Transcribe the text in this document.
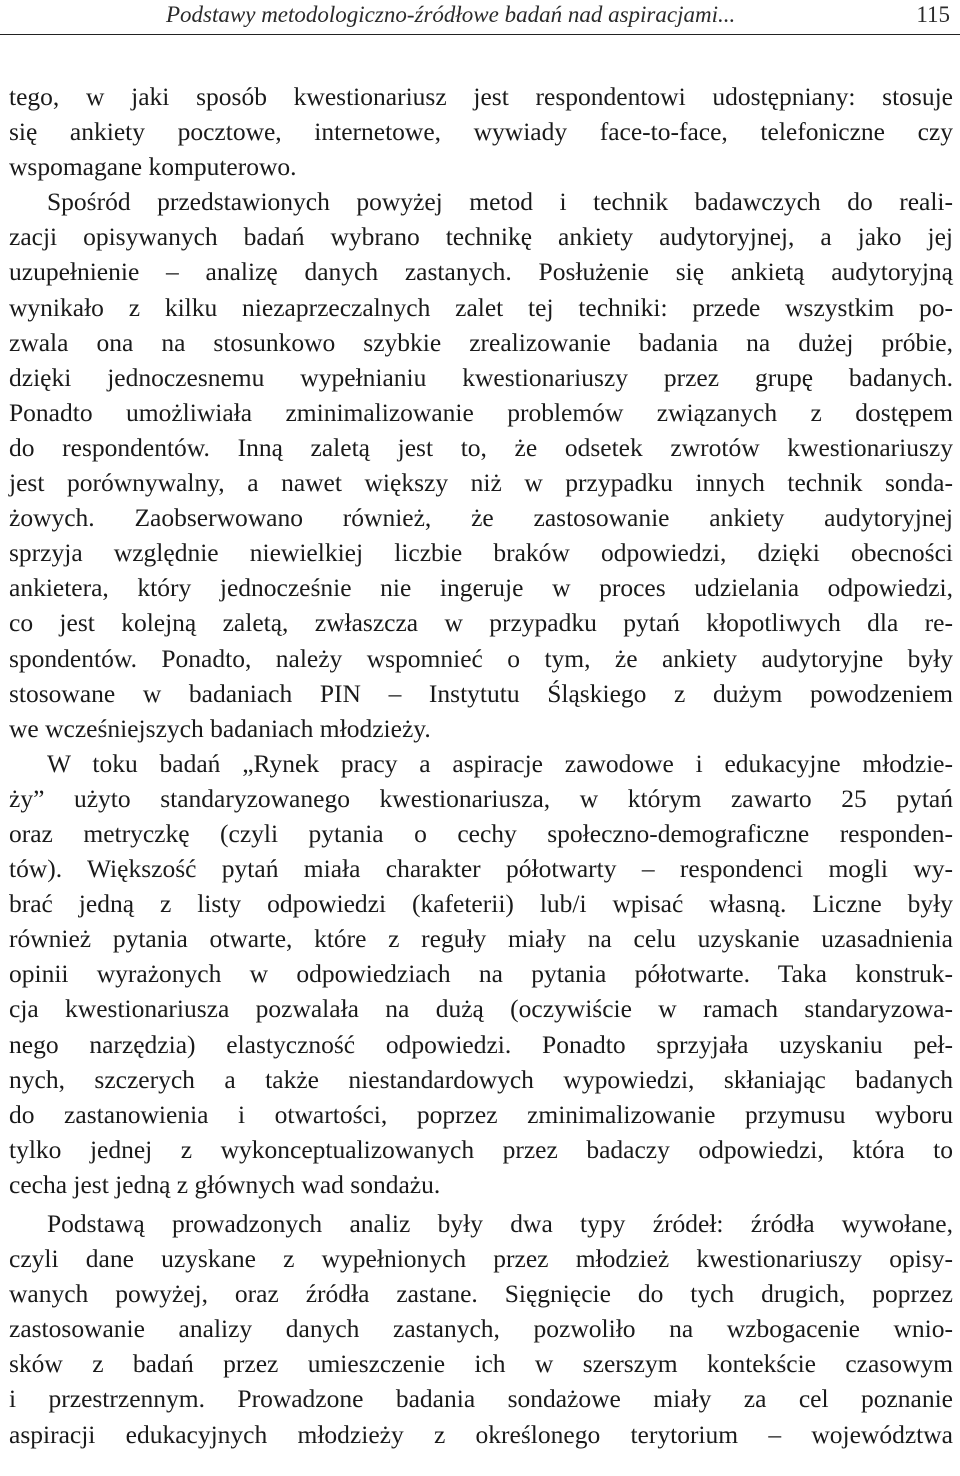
Podstawy metodologiczno-źródłowe badań nad aspiracjami...	115
tego, w jaki sposób kwestionariusz jest respondentowi udostępniany: stosuje
się ankiety pocztowe, internetowe, wywiady face-to-face, telefoniczne czy
wspomagane komputerowo.
Spośród przedstawionych powyżej metod i technik badawczych do reali-
zacji opisywanych badań wybrano technikę ankiety audytoryjnej, a jako jej
uzupełnienie – analizę danych zastanych. Posłużenie się ankietą audytoryjną
wynikało z kilku niezaprzeczalnych zalet tej techniki: przede wszystkim po-
zwala ona na stosunkowo szybkie zrealizowanie badania na dużej próbie,
dzięki jednoczesnemu wypełnianiu kwestionariuszy przez grupę badanych.
Ponadto umożliwiała zminimalizowanie problemów związanych z dostępem
do respondentów. Inną zaletą jest to, że odsetek zwrotów kwestionariuszy
jest porównywalny, a nawet większy niż w przypadku innych technik sonda-
żowych. Zaobserwowano również, że zastosowanie ankiety audytoryjnej
sprzyja względnie niewielkiej liczbie braków odpowiedzi, dzięki obecności
ankietera, który jednocześnie nie ingeruje w proces udzielania odpowiedzi,
co jest kolejną zaletą, zwłaszcza w przypadku pytań kłopotliwych dla re-
spondentów. Ponadto, należy wspomnieć o tym, że ankiety audytoryjne były
stosowane w badaniach PIN – Instytutu Śląskiego z dużym powodzeniem
we wcześniejszych badaniach młodzieży.
W toku badań „Rynek pracy a aspiracje zawodowe i edukacyjne młodzie-
ży” użyto standaryzowanego kwestionariusza, w którym zawarto 25 pytań
oraz metryczkę (czyli pytania o cechy społeczno-demograficzne responden-
tów). Większość pytań miała charakter półotwarty – respondenci mogli wy-
brać jedną z listy odpowiedzi (kafeterii) lub/i wpisać własną. Liczne były
również pytania otwarte, które z reguły miały na celu uzyskanie uzasadnienia
opinii wyrażonych w odpowiedziach na pytania półotwarte. Taka konstruk-
cja kwestionariusza pozwalała na dużą (oczywiście w ramach standaryzowa-
nego narzędzia) elastyczność odpowiedzi. Ponadto sprzyjała uzyskaniu peł-
nych, szczerych a także niestandardowych wypowiedzi, skłaniając badanych
do zastanowienia i otwartości, poprzez zminimalizowanie przymusu wyboru
tylko jednej z wykonceptualizowanych przez badaczy odpowiedzi, która to
cecha jest jedną z głównych wad sondażu.
Podstawą prowadzonych analiz były dwa typy źródeł: źródła wywołane,
czyli dane uzyskane z wypełnionych przez młodzież kwestionariuszy opisy-
wanych powyżej, oraz źródła zastane. Sięgnięcie do tych drugich, poprzez
zastosowanie analizy danych zastanych, pozwoliło na wzbogacenie wnio-
sków z badań przez umieszczenie ich w szerszym kontekście czasowym
i przestrzennym. Prowadzone badania sondażowe miały za cel poznanie
aspiracji edukacyjnych młodzieży z określonego terytorium – województwa
